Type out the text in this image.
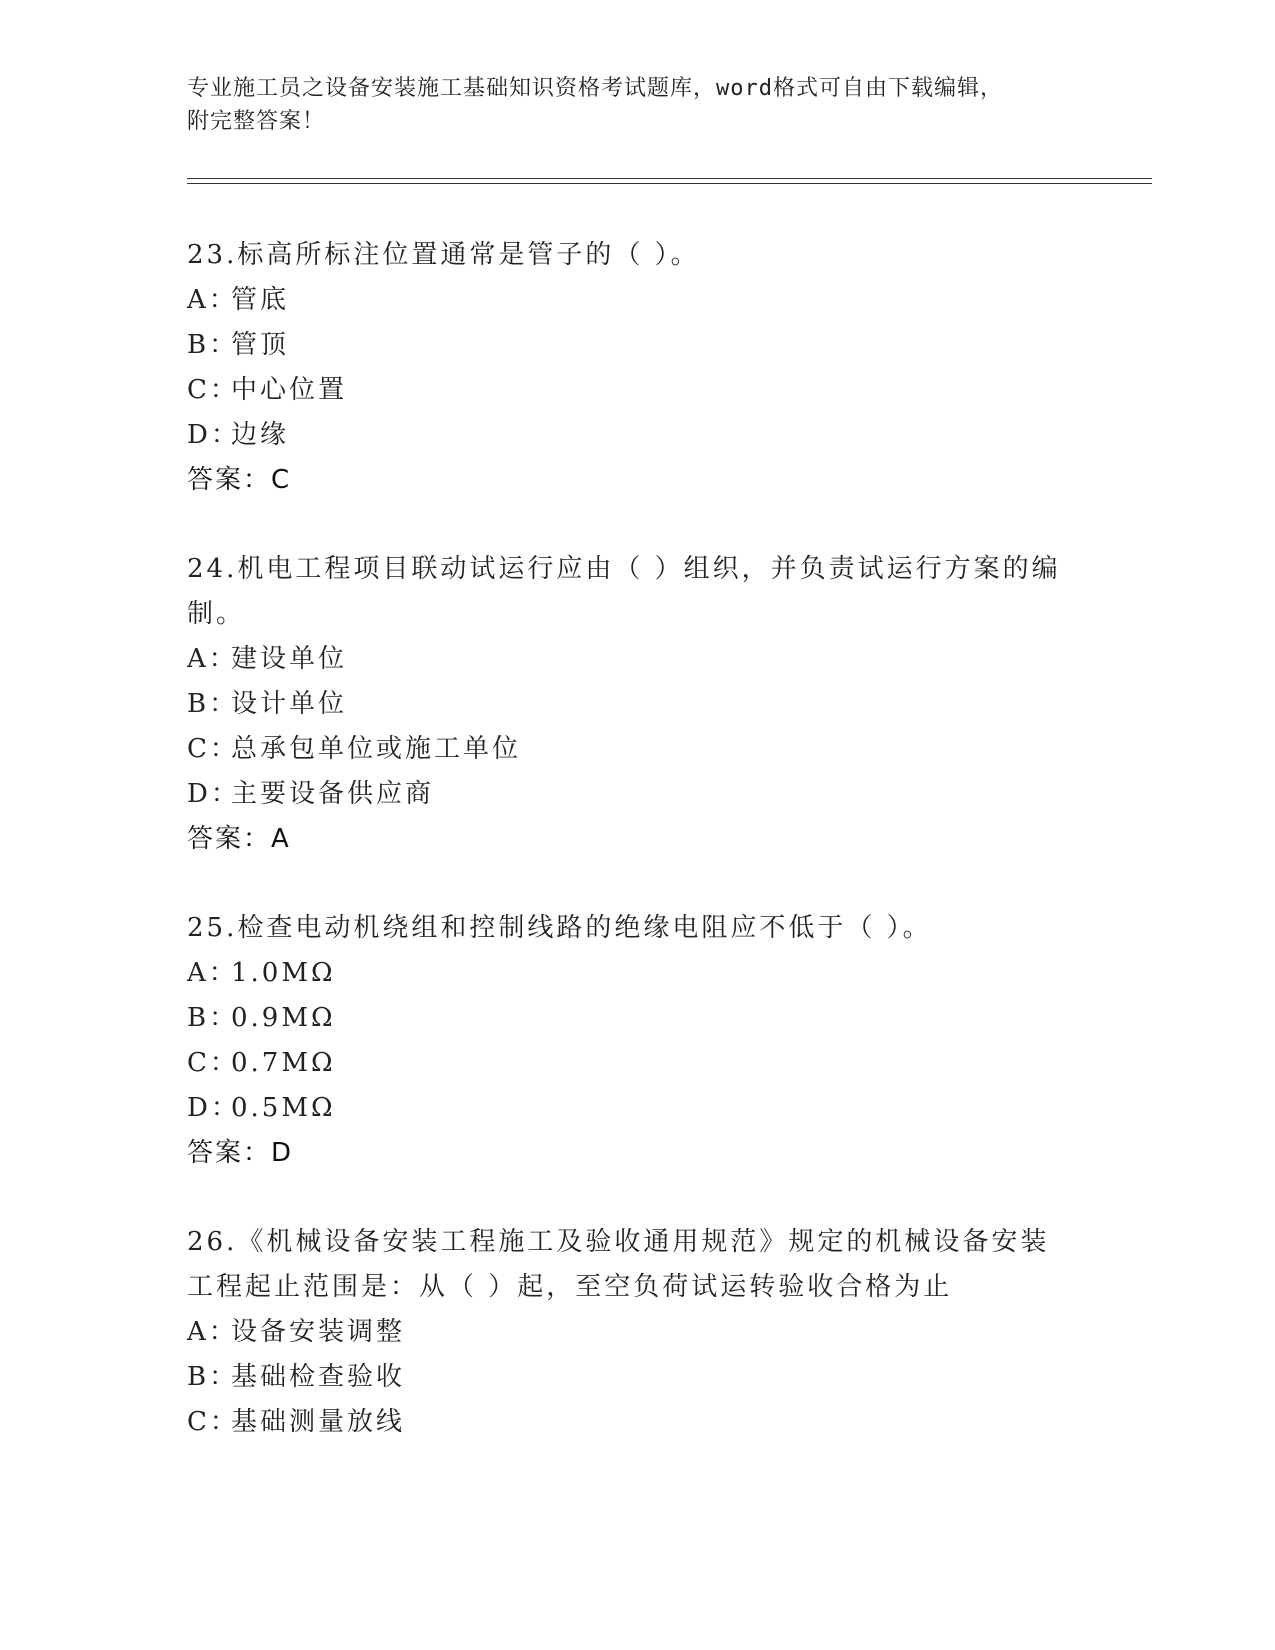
专业施工员之设备安装施工基础知识资格考试题库，word格式可自由下载编辑，
附完整答案！
23.标高所标注位置通常是管子的（ ）。
A：管底
B：管顶
C：中心位置
D：边缘
答案：C
24.机电工程项目联动试运行应由（ ）组织，并负责试运行方案的编制。
A：建设单位
B：设计单位
C：总承包单位或施工单位
D：主要设备供应商
答案：A
25.检查电动机绕组和控制线路的绝缘电阻应不低于（ ）。
A：1.0MΩ
B：0.9MΩ
C：0.7MΩ
D：0.5MΩ
答案：D
26.《机械设备安装工程施工及验收通用规范》规定的机械设备安装工程起止范围是：从（ ）起，至空负荷试运转验收合格为止
A：设备安装调整
B：基础检查验收
C：基础测量放线
